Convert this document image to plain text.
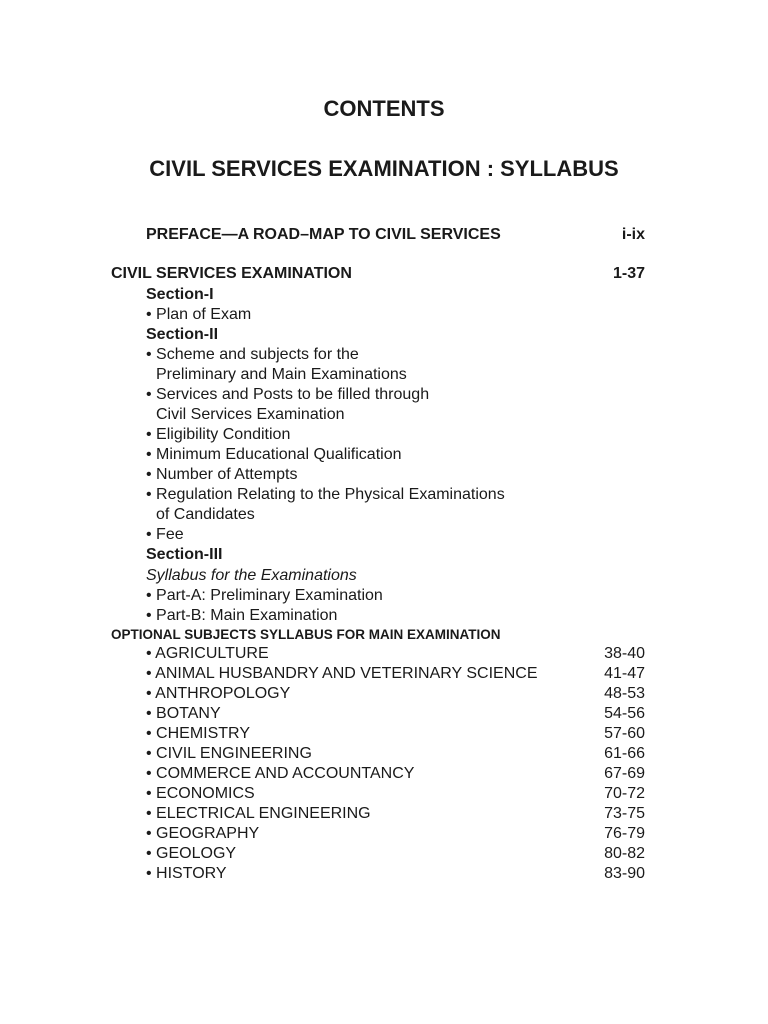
CONTENTS
CIVIL SERVICES EXAMINATION : SYLLABUS
PREFACE—A ROAD–MAP TO CIVIL SERVICES	i-ix
CIVIL SERVICES EXAMINATION	1-37
Section-I
• Plan of Exam
Section-II
• Scheme and subjects for the
Preliminary and Main Examinations
• Services and Posts to be filled through
Civil Services Examination
• Eligibility Condition
• Minimum Educational Qualification
• Number of Attempts
• Regulation Relating to the Physical Examinations
of Candidates
• Fee
Section-III
Syllabus for the Examinations
• Part-A: Preliminary Examination
• Part-B: Main Examination
OPTIONAL SUBJECTS SYLLABUS FOR MAIN EXAMINATION
• AGRICULTURE	38-40
• ANIMAL HUSBANDRY AND VETERINARY SCIENCE	41-47
• ANTHROPOLOGY	48-53
• BOTANY	54-56
• CHEMISTRY	57-60
• CIVIL ENGINEERING	61-66
• COMMERCE AND ACCOUNTANCY	67-69
• ECONOMICS	70-72
• ELECTRICAL ENGINEERING	73-75
• GEOGRAPHY	76-79
• GEOLOGY	80-82
• HISTORY	83-90
